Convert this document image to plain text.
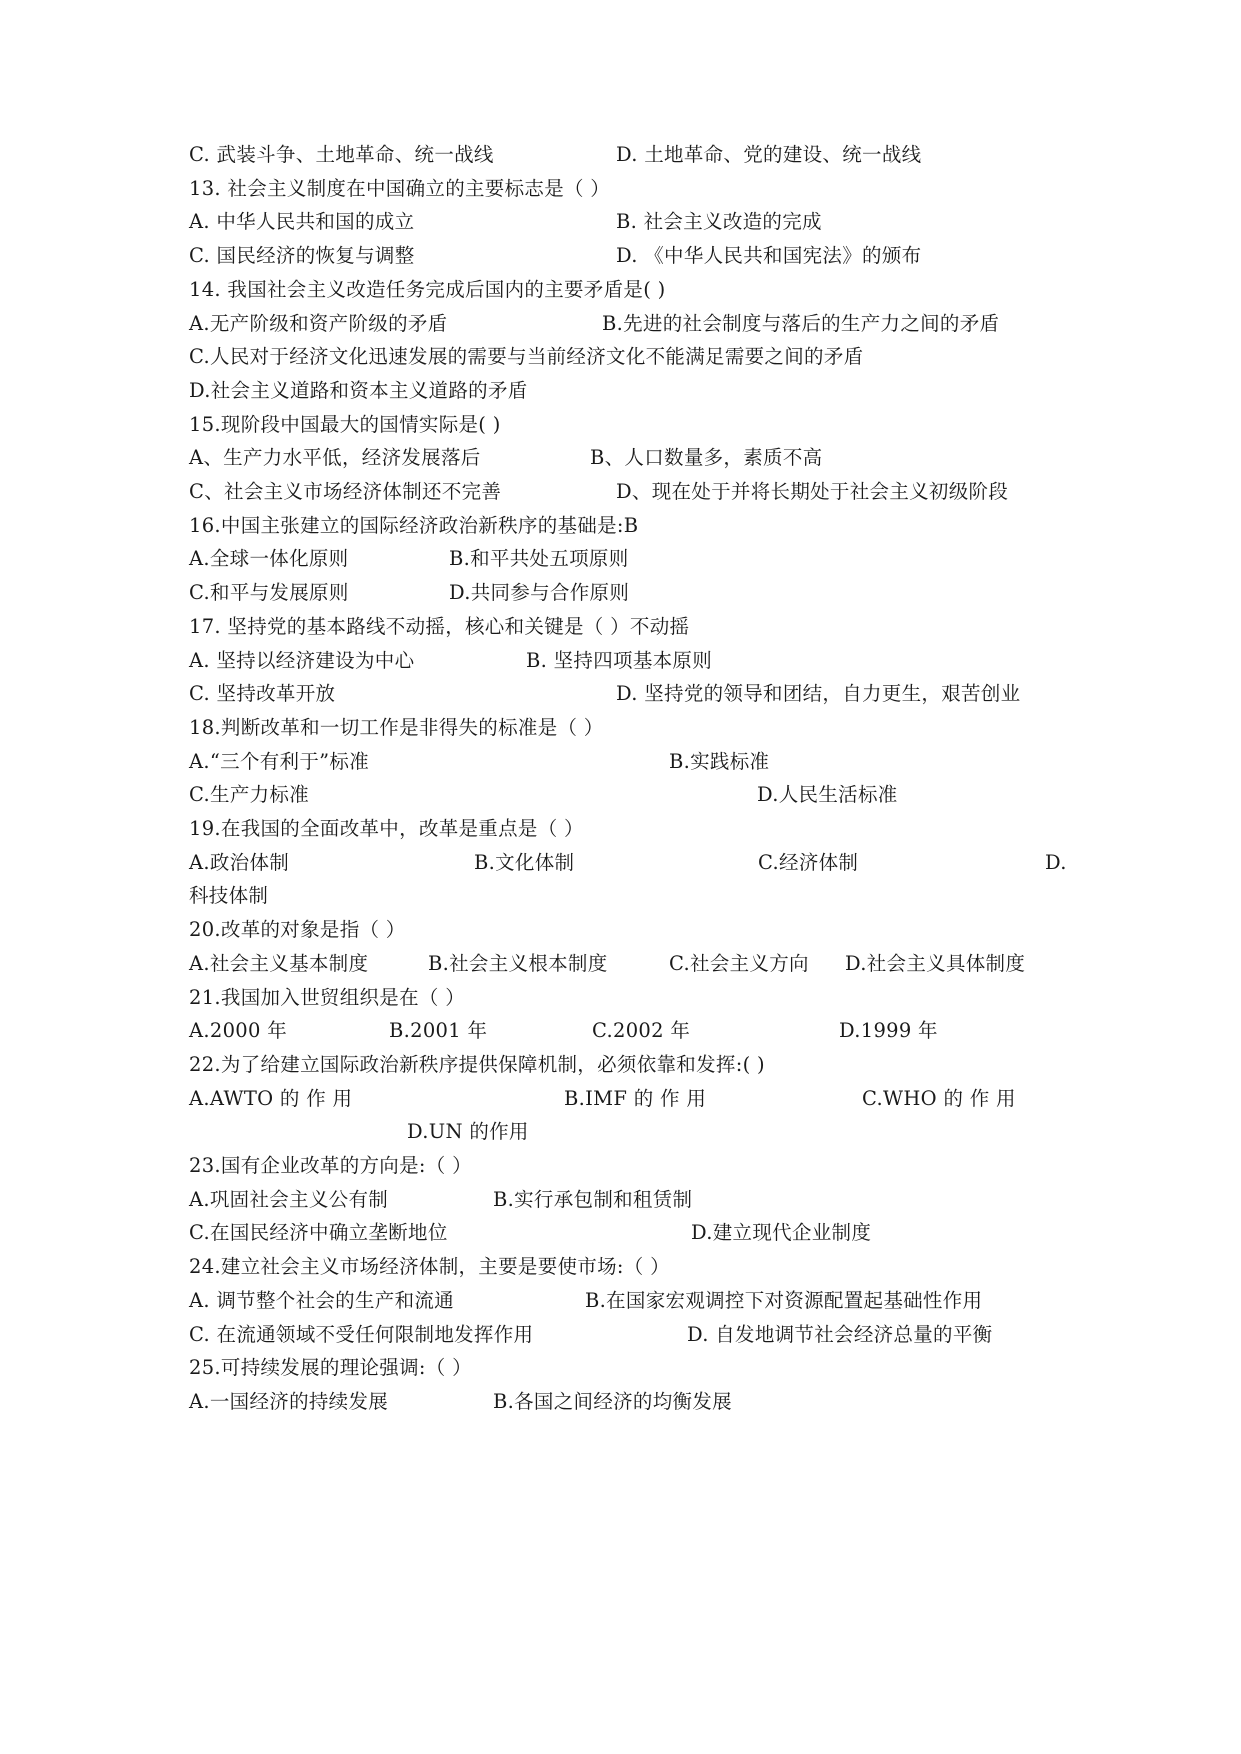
C. 武装斗争、土地革命、统一战线	D. 土地革命、党的建设、统一战线
13. 社会主义制度在中国确立的主要标志是（ ）
A. 中华人民共和国的成立	B. 社会主义改造的完成
C. 国民经济的恢复与调整	D. 《中华人民共和国宪法》的颁布
14. 我国社会主义改造任务完成后国内的主要矛盾是( )
A.无产阶级和资产阶级的矛盾	B.先进的社会制度与落后的生产力之间的矛盾
C.人民对于经济文化迅速发展的需要与当前经济文化不能满足需要之间的矛盾
D.社会主义道路和资本主义道路的矛盾
15.现阶段中国最大的国情实际是( )
A、生产力水平低，经济发展落后	B、人口数量多，素质不高
C、社会主义市场经济体制还不完善	D、现在处于并将长期处于社会主义初级阶段
16.中国主张建立的国际经济政治新秩序的基础是:B
A.全球一体化原则	B.和平共处五项原则
C.和平与发展原则	D.共同参与合作原则
17. 坚持党的基本路线不动摇，核心和关键是（ ）不动摇
A. 坚持以经济建设为中心	B. 坚持四项基本原则
C. 坚持改革开放	D. 坚持党的领导和团结，自力更生，艰苦创业
18.判断改革和一切工作是非得失的标准是（ ）
A.“三个有利于”标准	B.实践标准
C.生产力标准	D.人民生活标准
19.在我国的全面改革中，改革是重点是（ ）
A.政治体制	B.文化体制	C.经济体制	D.
科技体制
20.改革的对象是指（ ）
A.社会主义基本制度	B.社会主义根本制度	C.社会主义方向 D.社会主义具体制度
21.我国加入世贸组织是在（ ）
A.2000 年	B.2001 年	C.2002 年	D.1999 年
22.为了给建立国际政治新秩序提供保障机制，必须依靠和发挥:( )
A.AWTO 的 作 用	B.IMF 的 作 用	C.WHO 的 作 用
D.UN 的作用
23.国有企业改革的方向是:（ ）
A.巩固社会主义公有制	B.实行承包制和租赁制
C.在国民经济中确立垄断地位	D.建立现代企业制度
24.建立社会主义市场经济体制，主要是要使市场:（ ）
A. 调节整个社会的生产和流通	B.在国家宏观调控下对资源配置起基础性作用
C. 在流通领域不受任何限制地发挥作用	D. 自发地调节社会经济总量的平衡
25.可持续发展的理论强调:（ ）
A.一国经济的持续发展	B.各国之间经济的均衡发展
